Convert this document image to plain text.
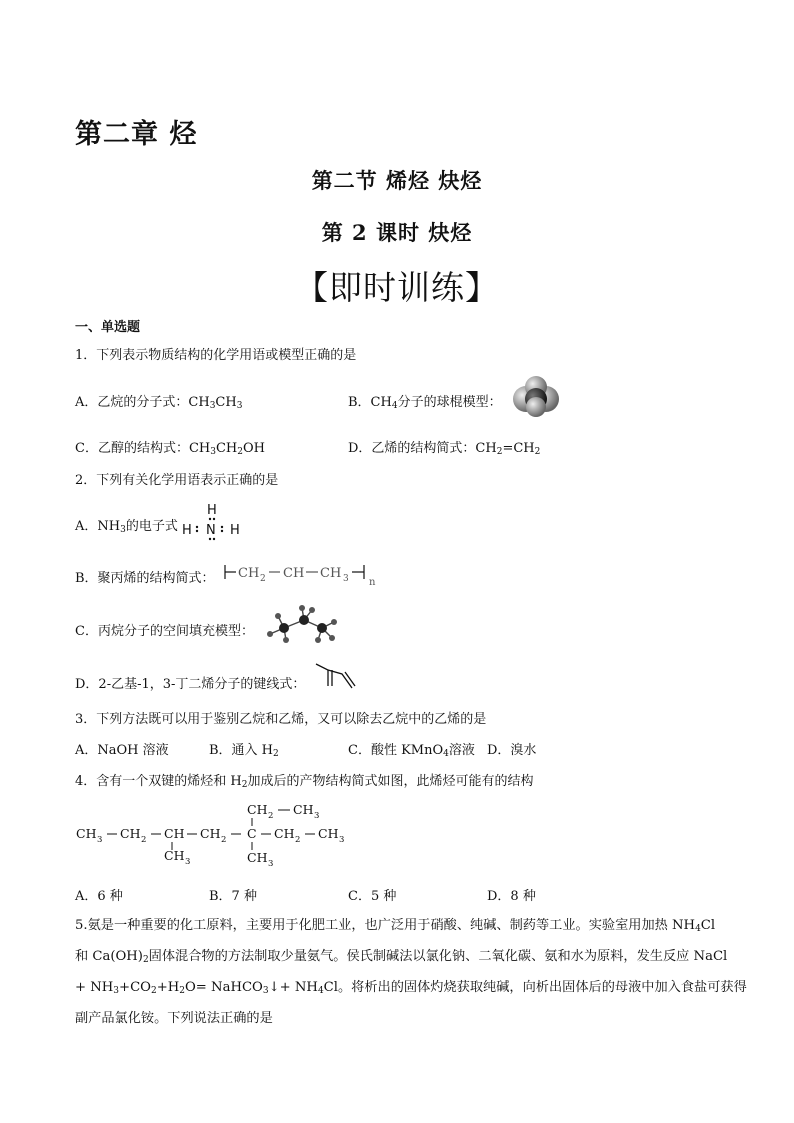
第二章 烃
第二节 烯烃 炔烃
第 2 课时 炔烃
【即时训练】
一、单选题
1．下列表示物质结构的化学用语或模型正确的是
A．乙烷的分子式：$CH_3CH_3$	B．$CH_4$分子的球棍模型：
C．乙醇的结构式：$CH_3CH_2OH$	D．乙烯的结构简式：$CH_2=CH_2$
2．下列有关化学用语表示正确的是
A．$NH_3$的电子式
H
H N H
B．聚丙烯的结构简式： CH 2 CH CH 3 n
C．丙烷分子的空间填充模型：
D．2-乙基-1，3-丁二烯分子的键线式：
3．下列方法既可以用于鉴别乙烷和乙烯，又可以除去乙烷中的乙烯的是
A．NaOH 溶液	B．通入 $H_2$	C．酸性 KMnO$_4$溶液 D．溴水
4．含有一个双键的烯烃和 $H_2$加成后的产物结构简式如图，此烯烃可能有的结构
CH 2 CH 3
CH 3 CH 2 CH CH 2 C CH 2 CH 3
CH 3	CH 3
A．6 种	B．7 种	C．5 种	D．8 种
5.氨是一种重要的化工原料，主要用于化肥工业，也广泛用于硝酸、纯碱、制药等工业。实验室用加热 $NH_4Cl$
和 $Ca(OH)_2$固体混合物的方法制取少量氨气。侯氏制碱法以氯化钠、二氧化碳、氨和水为原料，发生反应 NaCl
+ $NH_3+CO_2+H_2O=$ NaHCO$_3$↓+ $NH_4Cl$。将析出的固体灼烧获取纯碱，向析出固体后的母液中加入食盐可获得
副产品氯化铵。下列说法正确的是
